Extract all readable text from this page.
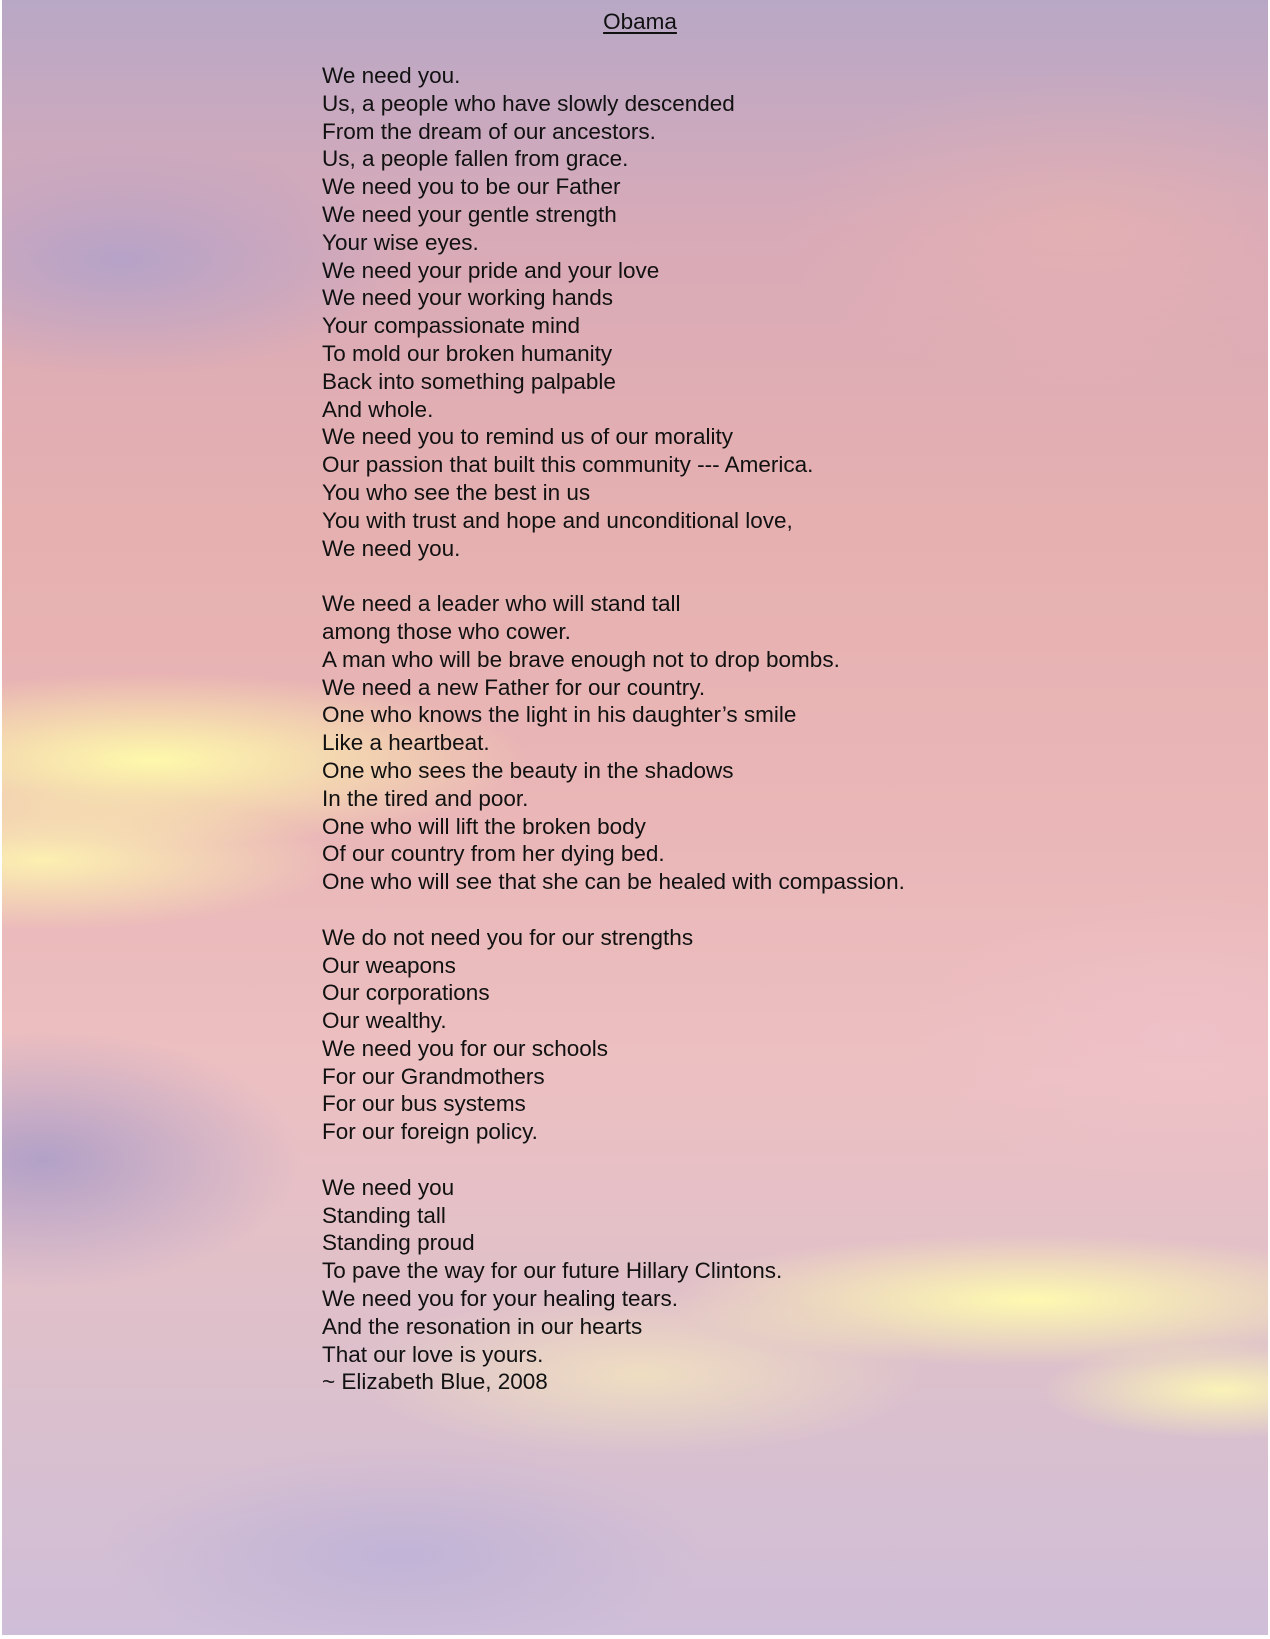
Obama

We need you.
Us, a people who have slowly descended
From the dream of our ancestors.
Us, a people fallen from grace.
We need you to be our Father
We need your gentle strength
Your wise eyes.
We need your pride and your love
We need your working hands
Your compassionate mind
To mold our broken humanity
Back into something palpable
And whole.
We need you to remind us of our morality
Our passion that built this community --- America.
You who see the best in us
You with trust and hope and unconditional love,
We need you.

We need a leader who will stand tall
among those who cower.
A man who will be brave enough not to drop bombs.
We need a new Father for our country.
One who knows the light in his daughter’s smile
Like a heartbeat.
One who sees the beauty in the shadows
In the tired and poor.
One who will lift the broken body
Of our country from her dying bed.
One who will see that she can be healed with compassion.

We do not need you for our strengths
Our weapons
Our corporations
Our wealthy.
We need you for our schools
For our Grandmothers
For our bus systems
For our foreign policy.

We need you
Standing tall
Standing proud
To pave the way for our future Hillary Clintons.
We need you for your healing tears.
And the resonation in our hearts
That our love is yours.
~ Elizabeth Blue, 2008
